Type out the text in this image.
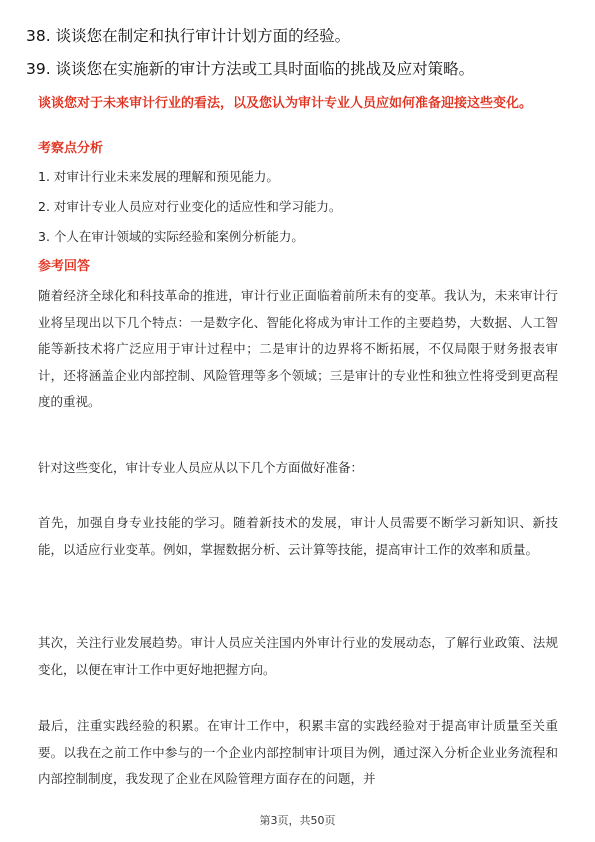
38. 谈谈您在制定和执行审计计划方面的经验。
39. 谈谈您在实施新的审计方法或工具时面临的挑战及应对策略。
谈谈您对于未来审计行业的看法，以及您认为审计专业人员应如何准备迎接这些变化。
考察点分析
1. 对审计行业未来发展的理解和预见能力。
2. 对审计专业人员应对行业变化的适应性和学习能力。
3. 个人在审计领域的实际经验和案例分析能力。
参考回答
随着经济全球化和科技革命的推进，审计行业正面临着前所未有的变革。我认为，未来审计行业将呈现出以下几个特点：一是数字化、智能化将成为审计工作的主要趋势，大数据、人工智能等新技术将广泛应用于审计过程中；二是审计的边界将不断拓展，不仅局限于财务报表审计，还将涵盖企业内部控制、风险管理等多个领域；三是审计的专业性和独立性将受到更高程度的重视。
针对这些变化，审计专业人员应从以下几个方面做好准备：
首先，加强自身专业技能的学习。随着新技术的发展，审计人员需要不断学习新知识、新技能，以适应行业变革。例如，掌握数据分析、云计算等技能，提高审计工作的效率和质量。
其次，关注行业发展趋势。审计人员应关注国内外审计行业的发展动态，了解行业政策、法规变化，以便在审计工作中更好地把握方向。
最后，注重实践经验的积累。在审计工作中，积累丰富的实践经验对于提高审计质量至关重要。以我在之前工作中参与的一个企业内部控制审计项目为例，通过深入分析企业业务流程和内部控制制度，我发现了企业在风险管理方面存在的问题，并
第3页，共50页
